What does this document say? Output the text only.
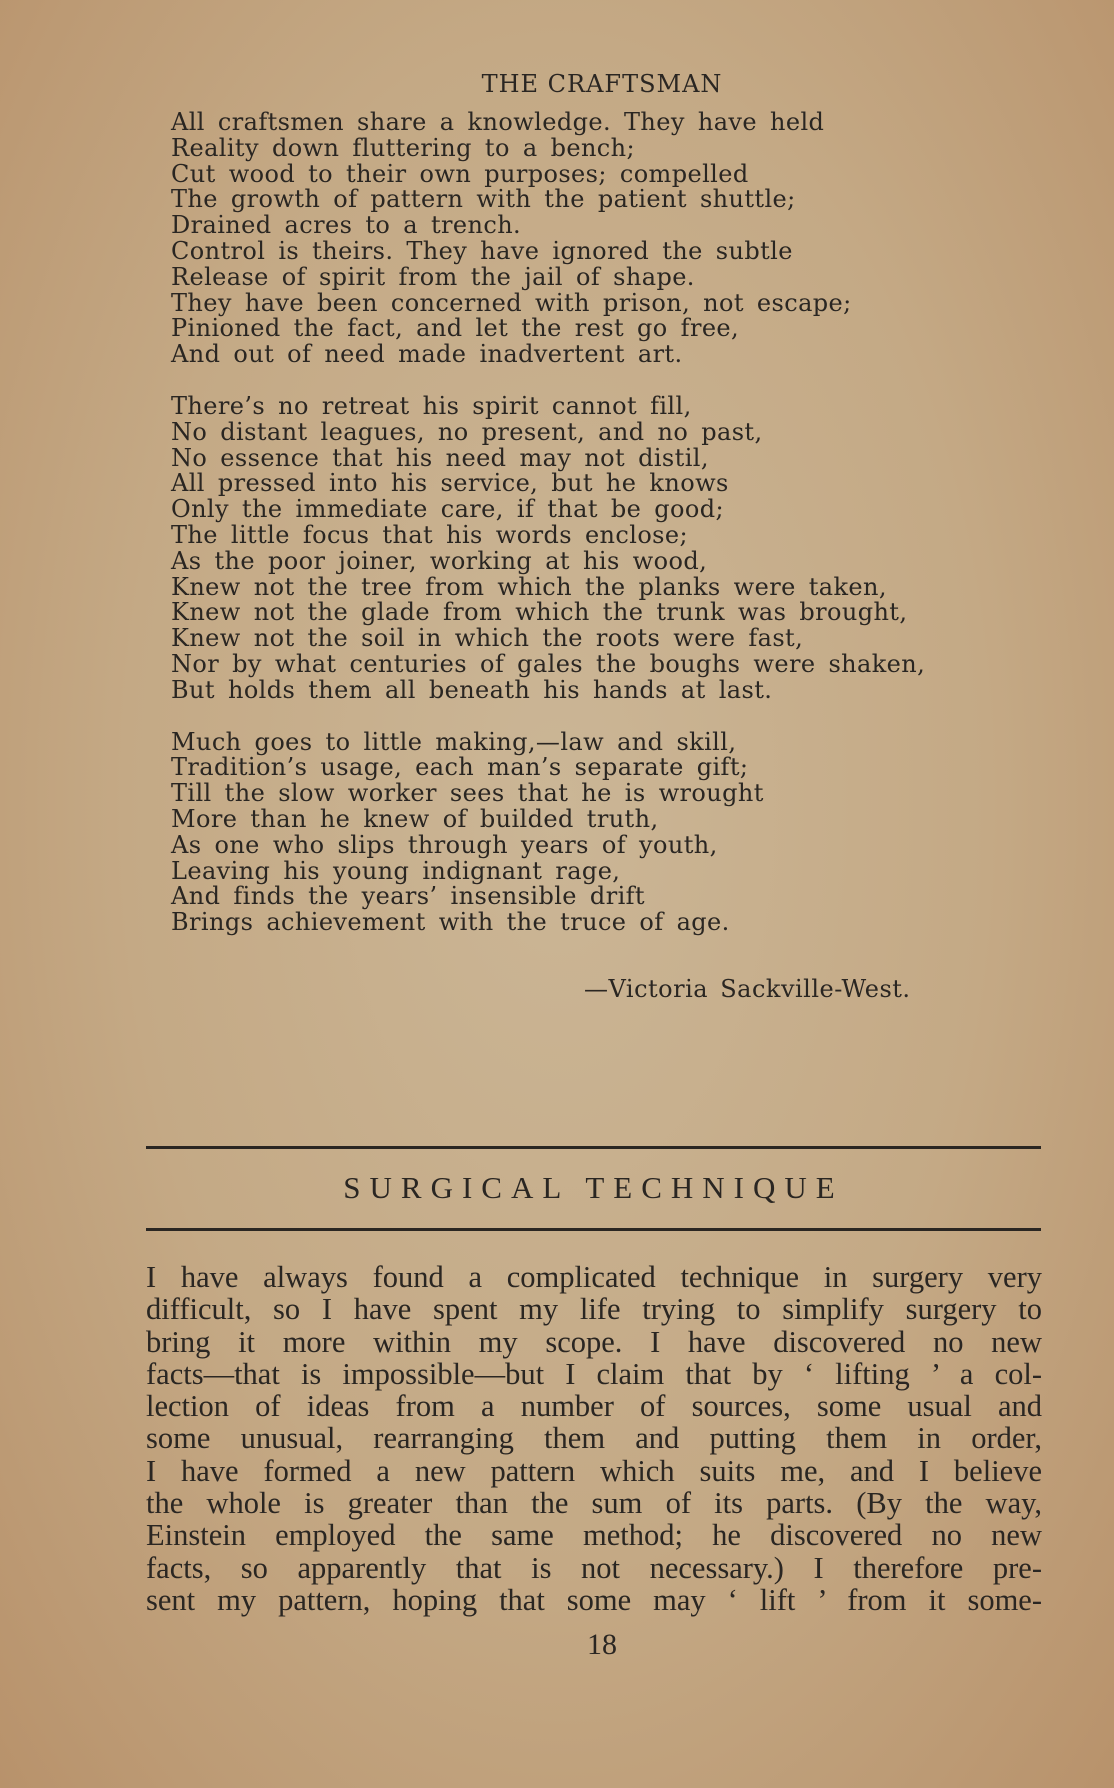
THE CRAFTSMAN
All craftsmen share a knowledge. They have held
Reality down fluttering to a bench;
Cut wood to their own purposes; compelled
The growth of pattern with the patient shuttle;
Drained acres to a trench.
Control is theirs. They have ignored the subtle
Release of spirit from the jail of shape.
They have been concerned with prison, not escape;
Pinioned the fact, and let the rest go free,
And out of need made inadvertent art.
There’s no retreat his spirit cannot fill,
No distant leagues, no present, and no past,
No essence that his need may not distil,
All pressed into his service, but he knows
Only the immediate care, if that be good;
The little focus that his words enclose;
As the poor joiner, working at his wood,
Knew not the tree from which the planks were taken,
Knew not the glade from which the trunk was brought,
Knew not the soil in which the roots were fast,
Nor by what centuries of gales the boughs were shaken,
But holds them all beneath his hands at last.
Much goes to little making,—law and skill,
Tradition’s usage, each man’s separate gift;
Till the slow worker sees that he is wrought
More than he knew of builded truth,
As one who slips through years of youth,
Leaving his young indignant rage,
And finds the years’ insensible drift
Brings achievement with the truce of age.
—Victoria Sackville-West.
SURGICAL TECHNIQUE
I have always found a complicated technique in surgery very
difficult, so I have spent my life trying to simplify surgery to
bring it more within my scope. I have discovered no new
facts—that is impossible—but I claim that by ‘ lifting ’ a col-
lection of ideas from a number of sources, some usual and
some unusual, rearranging them and putting them in order,
I have formed a new pattern which suits me, and I believe
the whole is greater than the sum of its parts. (By the way,
Einstein employed the same method; he discovered no new
facts, so apparently that is not necessary.) I therefore pre-
sent my pattern, hoping that some may ‘ lift ’ from it some-
18
